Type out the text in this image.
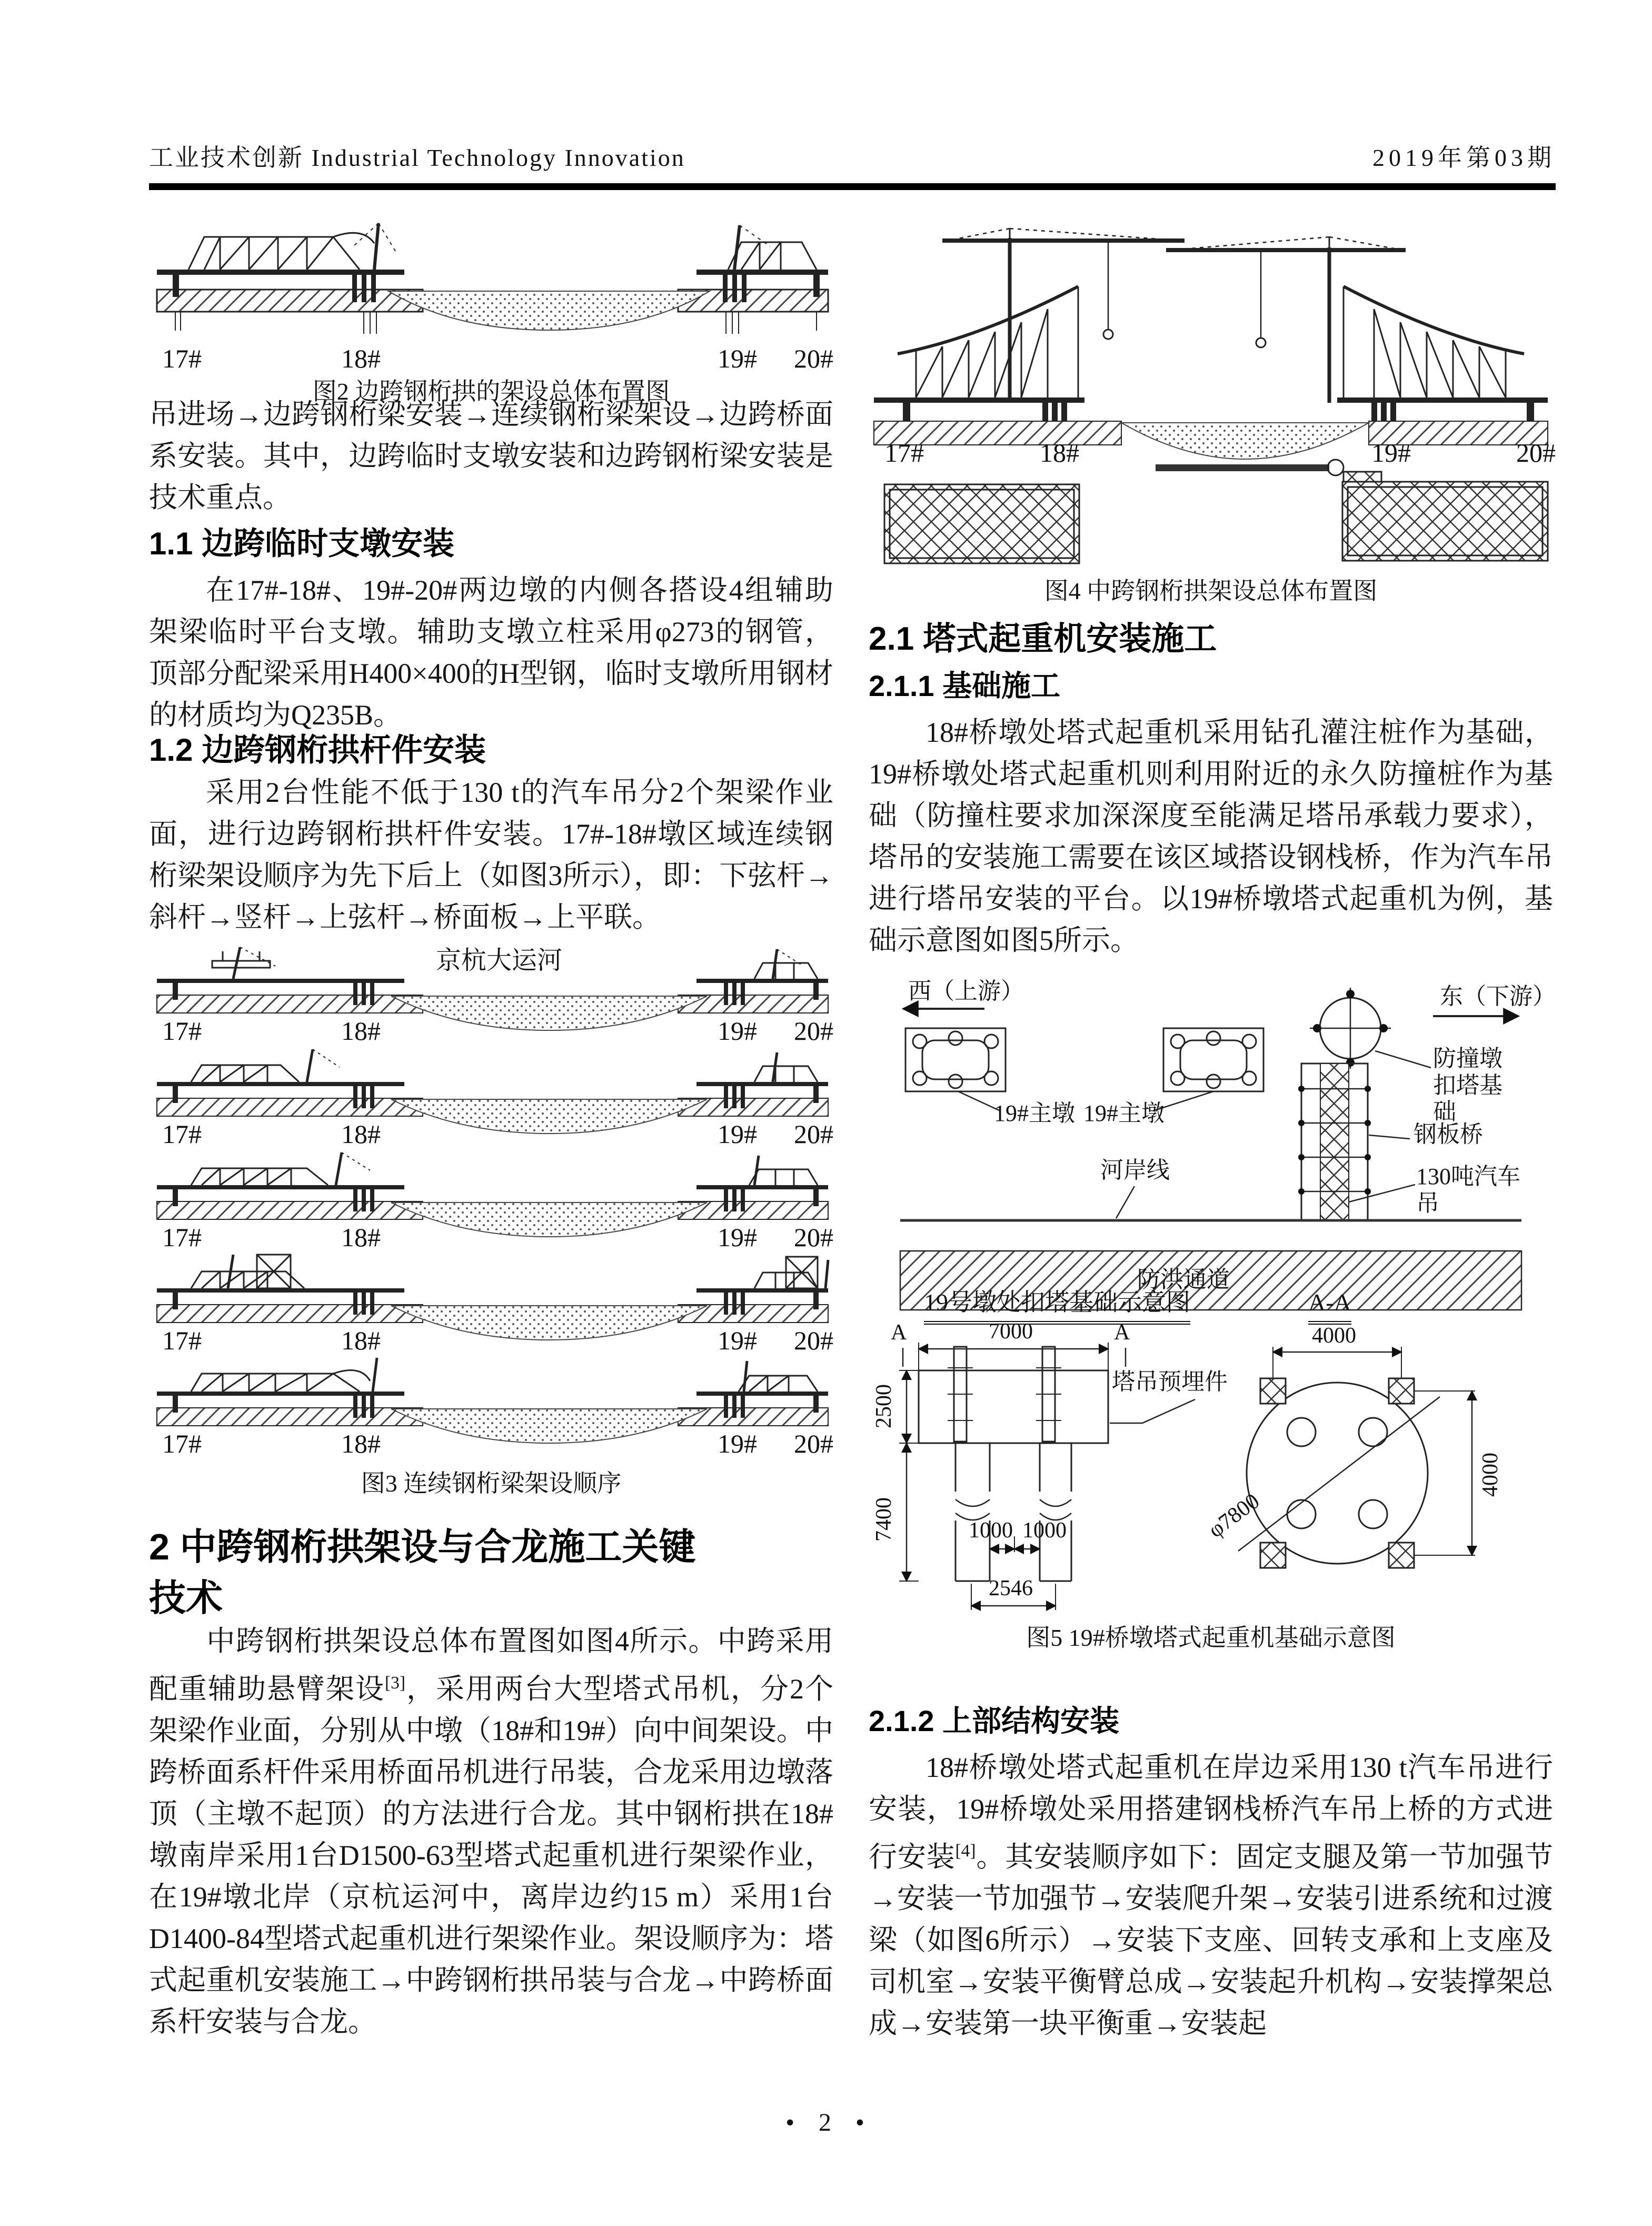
工业技术创新 Industrial Technology Innovation	2019年第03期
17#	18#	19# 20#
图2 边跨钢桁拱的架设总体布置图
吊进场→边跨钢桁梁安装→连续钢桁梁架设→边跨桥面系安装。其中，边跨临时支墩安装和边跨钢桁梁安装是技术重点。
1.1 边跨临时支墩安装
在17#-18#、19#-20#两边墩的内侧各搭设4组辅助架梁临时平台支墩。辅助支墩立柱采用φ273的钢管，顶部分配梁采用H400×400的H型钢，临时支墩所用钢材的材质均为Q235B。
1.2 边跨钢桁拱杆件安装
采用2台性能不低于130 t的汽车吊分2个架梁作业面，进行边跨钢桁拱杆件安装。17#-18#墩区域连续钢桁梁架设顺序为先下后上（如图3所示），即：下弦杆→斜杆→竖杆→上弦杆→桥面板→上平联。
京杭大运河
17#	18#	19# 20#
17#	18#	19# 20#
17#	18#	19# 20#
17#	18#	19# 20#
17#	18#	19# 20#
图3 连续钢桁梁架设顺序
2 中跨钢桁拱架设与合龙施工关键
技术
中跨钢桁拱架设总体布置图如图4所示。中跨采用配重辅助悬臂架设[3]，采用两台大型塔式吊机，分2个架梁作业面，分别从中墩（18#和19#）向中间架设。中跨桥面系杆件采用桥面吊机进行吊装，合龙采用边墩落顶（主墩不起顶）的方法进行合龙。其中钢桁拱在18#墩南岸采用1台D1500-63型塔式起重机进行架梁作业，在19#墩北岸（京杭运河中，离岸边约15 m）采用1台D1400-84型塔式起重机进行架梁作业。架设顺序为：塔式起重机安装施工→中跨钢桁拱吊装与合龙→中跨桥面系杆安装与合龙。
17#	18#	19#	20#
图4 中跨钢桁拱架设总体布置图
2.1 塔式起重机安装施工
2.1.1 基础施工
18#桥墩处塔式起重机采用钻孔灌注桩作为基础，19#桥墩处塔式起重机则利用附近的永久防撞桩作为基础（防撞柱要求加深深度至能满足塔吊承载力要求），塔吊的安装施工需要在该区域搭设钢栈桥，作为汽车吊进行塔吊安装的平台。以19#桥墩塔式起重机为例，基础示意图如图5所示。
西（上游）	东（下游）
19#主墩 19#主墩
防撞墩扣塔基础
钢板桥
130吨汽车吊
河岸线
防洪通道
19号墩处扣塔基础示意图	A-A
7000
A	A
2500
7400
塔吊预埋件
1000 1000
2546
4000
4000
φ7800
图5 19#桥墩塔式起重机基础示意图
2.1.2 上部结构安装
18#桥墩处塔式起重机在岸边采用130 t汽车吊进行安装，19#桥墩处采用搭建钢栈桥汽车吊上桥的方式进行安装[4]。其安装顺序如下：固定支腿及第一节加强节→安装一节加强节→安装爬升架→安装引进系统和过渡梁（如图6所示）→安装下支座、回转支承和上支座及司机室→安装平衡臂总成→安装起升机构→安装撑架总成→安装第一块平衡重→安装起
• 2 •
